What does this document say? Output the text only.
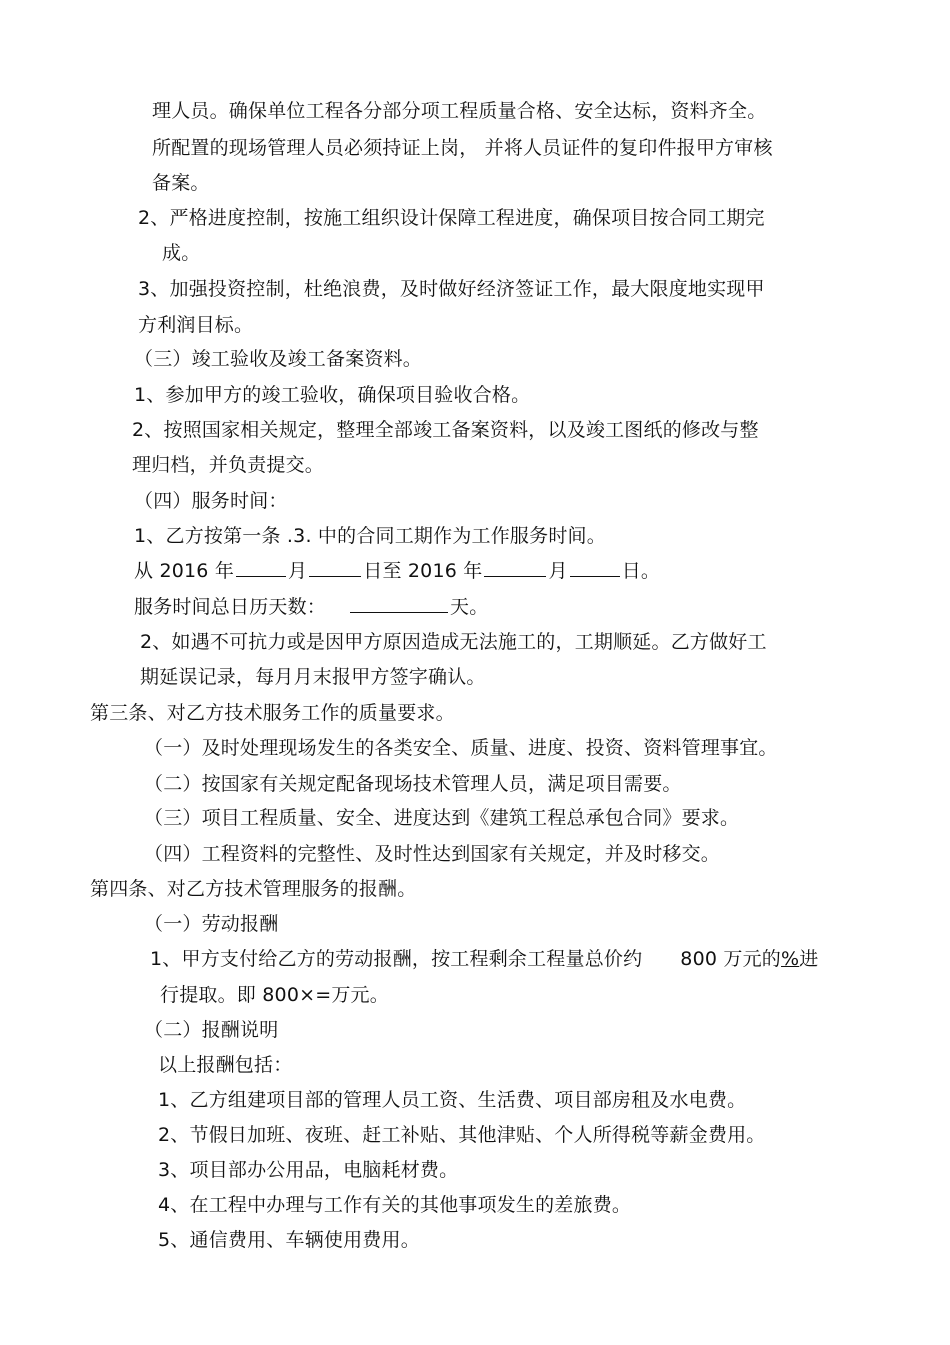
理人员。确保单位工程各分部分项工程质量合格、安全达标，资料齐全。
所配置的现场管理人员必须持证上岗， 并将人员证件的复印件报甲方审核
备案。
2、严格进度控制，按施工组织设计保障工程进度，确保项目按合同工期完
成。
3、加强投资控制，杜绝浪费，及时做好经济签证工作，最大限度地实现甲
方利润目标。
（三）竣工验收及竣工备案资料。
1、参加甲方的竣工验收，确保项目验收合格。
2、按照国家相关规定，整理全部竣工备案资料，以及竣工图纸的修改与整
理归档，并负责提交。
（四）服务时间：
1、乙方按第一条 .3. 中的合同工期作为工作服务时间。
从 2016 年	月	日至 2016 年	月	日。
服务时间总日历天数：	天。
2、如遇不可抗力或是因甲方原因造成无法施工的，工期顺延。乙方做好工
期延误记录，每月月末报甲方签字确认。
第三条、对乙方技术服务工作的质量要求。
（一）及时处理现场发生的各类安全、质量、进度、投资、资料管理事宜。
（二）按国家有关规定配备现场技术管理人员，满足项目需要。
（三）项目工程质量、安全、进度达到《建筑工程总承包合同》要求。
（四）工程资料的完整性、及时性达到国家有关规定，并及时移交。
第四条、对乙方技术管理服务的报酬。
（一）劳动报酬
1、甲方支付给乙方的劳动报酬，按工程剩余工程量总价约 800 万元的%进
行提取。即 800×=万元。
（二）报酬说明
以上报酬包括：
1、乙方组建项目部的管理人员工资、生活费、项目部房租及水电费。
2、节假日加班、夜班、赶工补贴、其他津贴、个人所得税等薪金费用。
3、项目部办公用品，电脑耗材费。
4、在工程中办理与工作有关的其他事项发生的差旅费。
5、通信费用、车辆使用费用。
